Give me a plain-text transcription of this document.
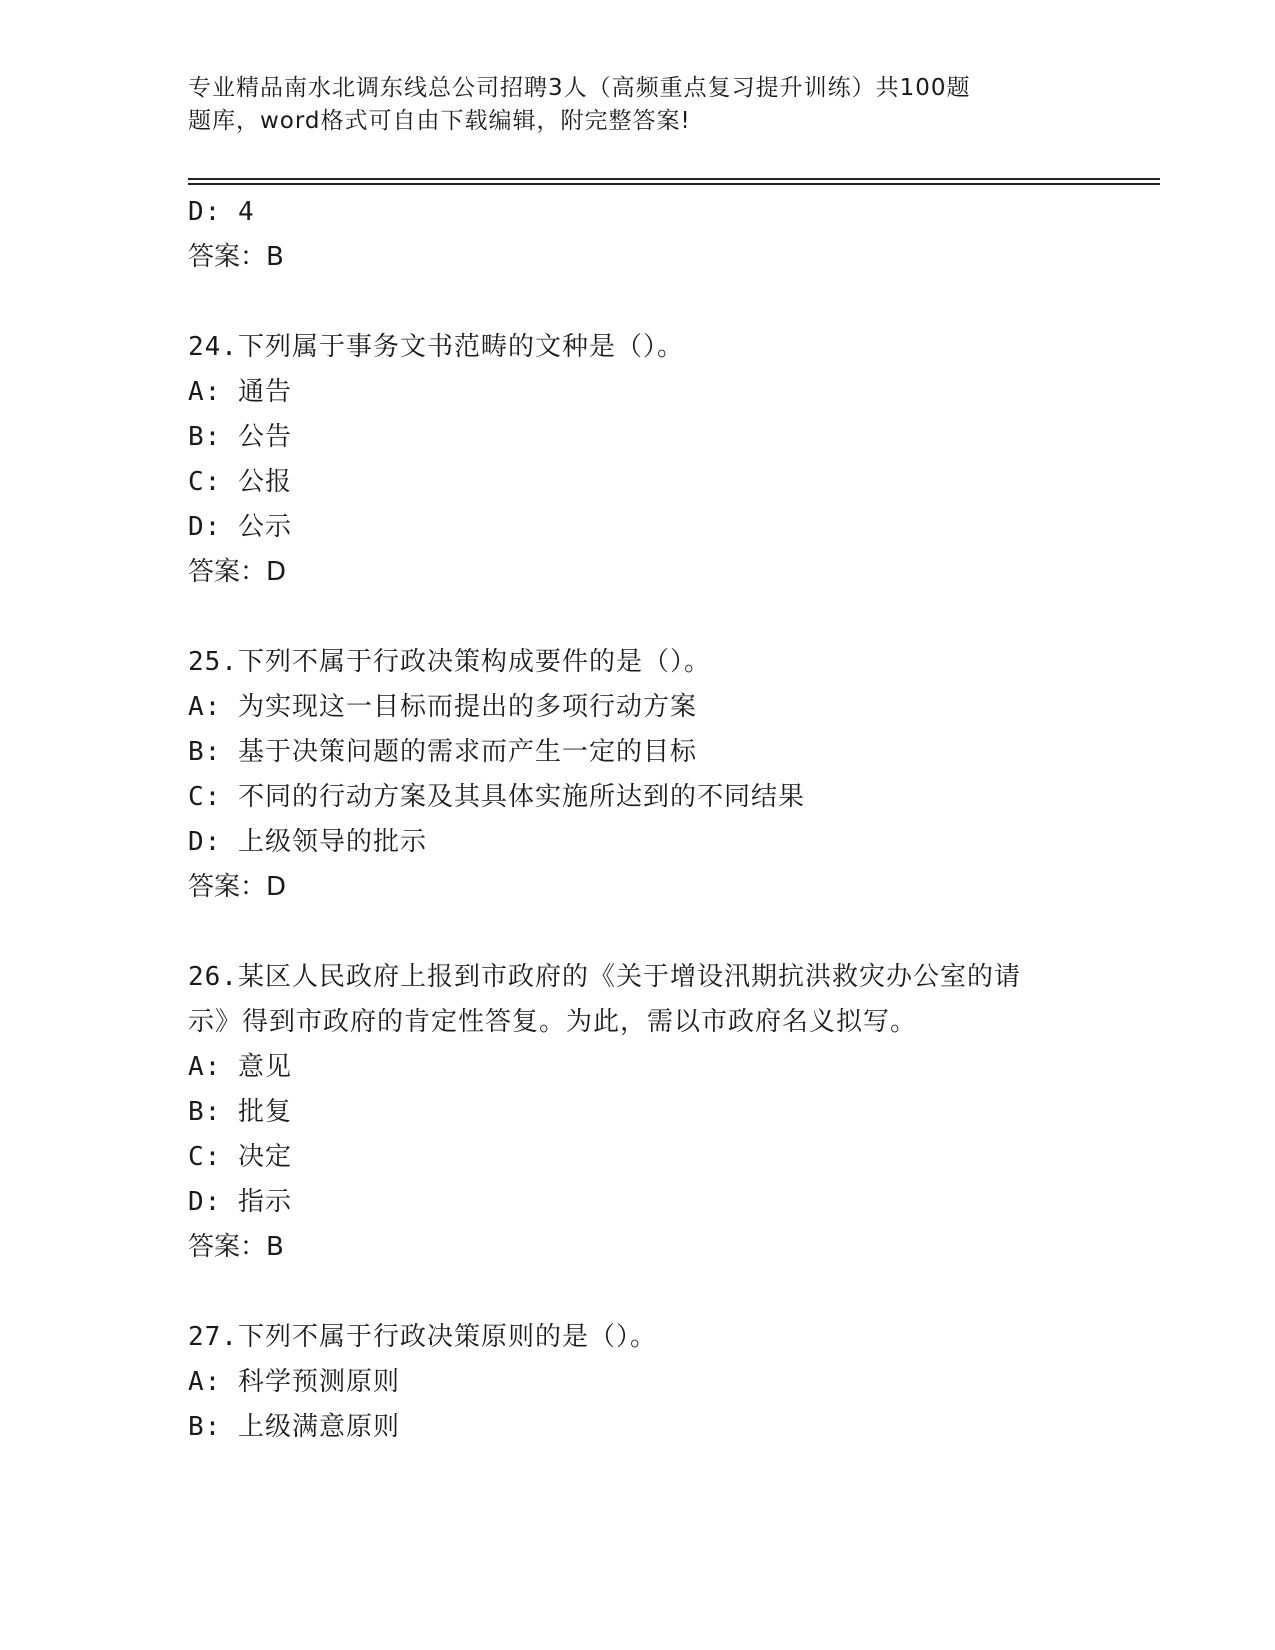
专业精品南水北调东线总公司招聘3人（高频重点复习提升训练）共100题
题库，word格式可自由下载编辑，附完整答案!
D: 4
答案：B
24.下列属于事务文书范畴的文种是（）。
A: 通告
B: 公告
C: 公报
D: 公示
答案：D
25.下列不属于行政决策构成要件的是（）。
A: 为实现这一目标而提出的多项行动方案
B: 基于决策问题的需求而产生一定的目标
C: 不同的行动方案及其具体实施所达到的不同结果
D: 上级领导的批示
答案：D
26.某区人民政府上报到市政府的《关于增设汛期抗洪救灾办公室的请
示》得到市政府的肯定性答复。为此，需以市政府名义拟写。
A: 意见
B: 批复
C: 决定
D: 指示
答案：B
27.下列不属于行政决策原则的是（）。
A: 科学预测原则
B: 上级满意原则
